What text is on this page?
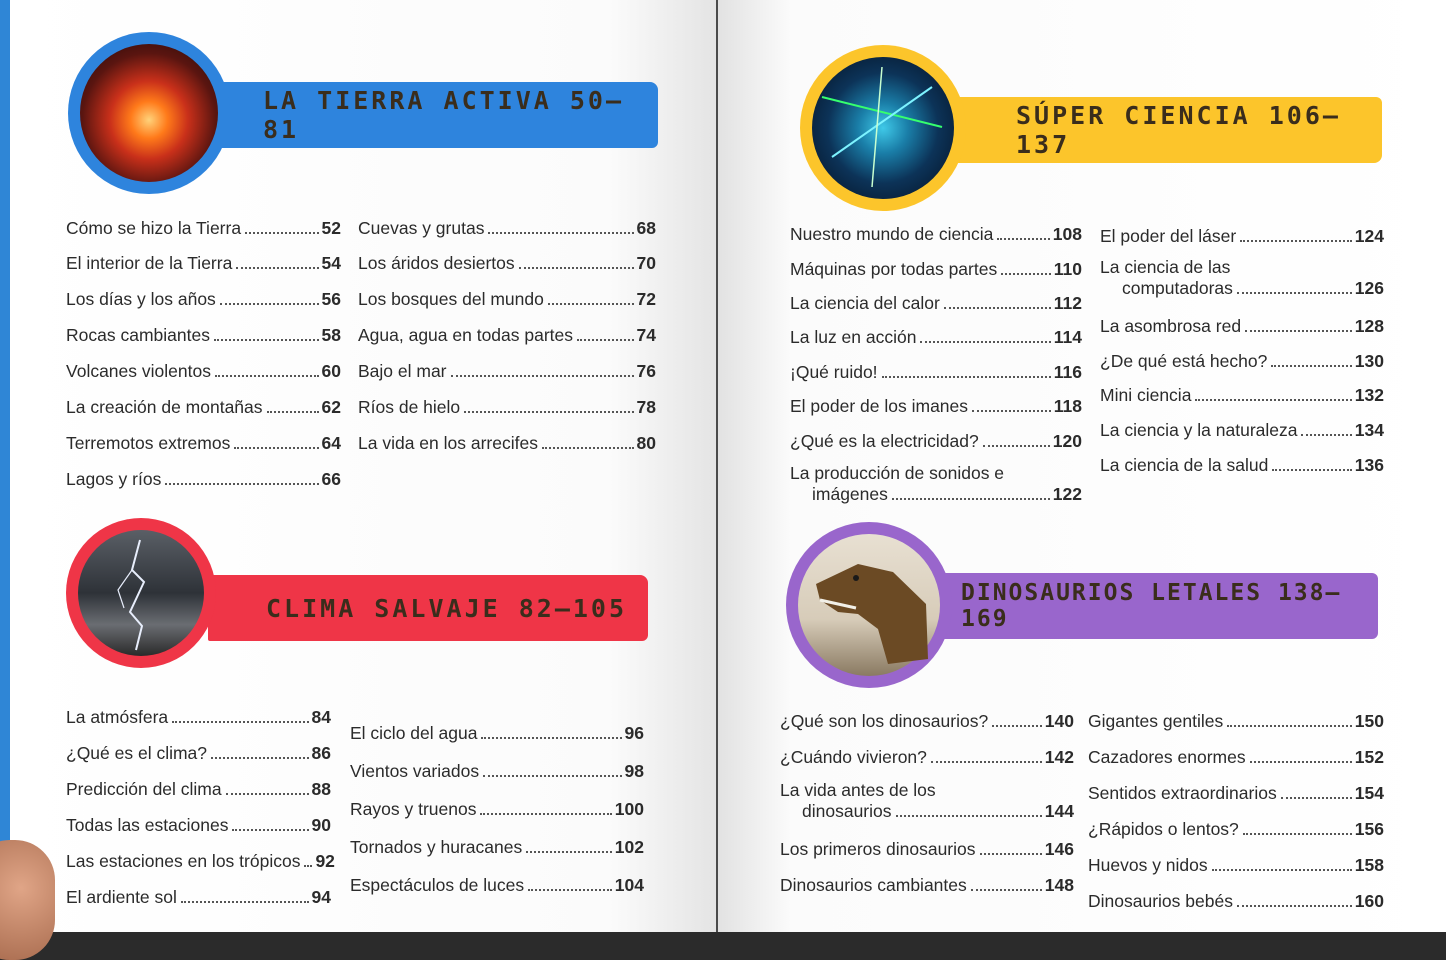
LA TIERRA ACTIVA 50–81
Cómo se hizo la Tierra	52
El interior de la Tierra	54
Los días y los años	56
Rocas cambiantes	58
Volcanes violentos	60
La creación de montañas	62
Terremotos extremos	64
Lagos y ríos	66
Cuevas y grutas	68
Los áridos desiertos	70
Los bosques del mundo	72
Agua, agua en todas partes	74
Bajo el mar	76
Ríos de hielo	78
La vida en los arrecifes	80
CLIMA SALVAJE 82–105
La atmósfera	84
¿Qué es el clima?	86
Predicción del clima	88
Todas las estaciones	90
Las estaciones en los trópicos 92
El ardiente sol	94
El ciclo del agua	96
Vientos variados	98
Rayos y truenos	100
Tornados y huracanes	102
Espectáculos de luces	104
SÚPER CIENCIA 106–137
Nuestro mundo de ciencia	108
Máquinas por todas partes	110
La ciencia del calor	112
La luz en acción	114
¡Qué ruido!	116
El poder de los imanes	118
¿Qué es la electricidad?	120
La producción de sonidos e
imágenes	122
El poder del láser	124
La ciencia de las
computadoras	126
La asombrosa red	128
¿De qué está hecho?	130
Mini ciencia	132
La ciencia y la naturaleza	134
La ciencia de la salud	136
DINOSAURIOS LETALES 138–169
¿Qué son los dinosaurios?	140
¿Cuándo vivieron?	142
La vida antes de los
dinosaurios	144
Los primeros dinosaurios	146
Dinosaurios cambiantes	148
Gigantes gentiles	150
Cazadores enormes	152
Sentidos extraordinarios	154
¿Rápidos o lentos?	156
Huevos y nidos	158
Dinosaurios bebés	160
